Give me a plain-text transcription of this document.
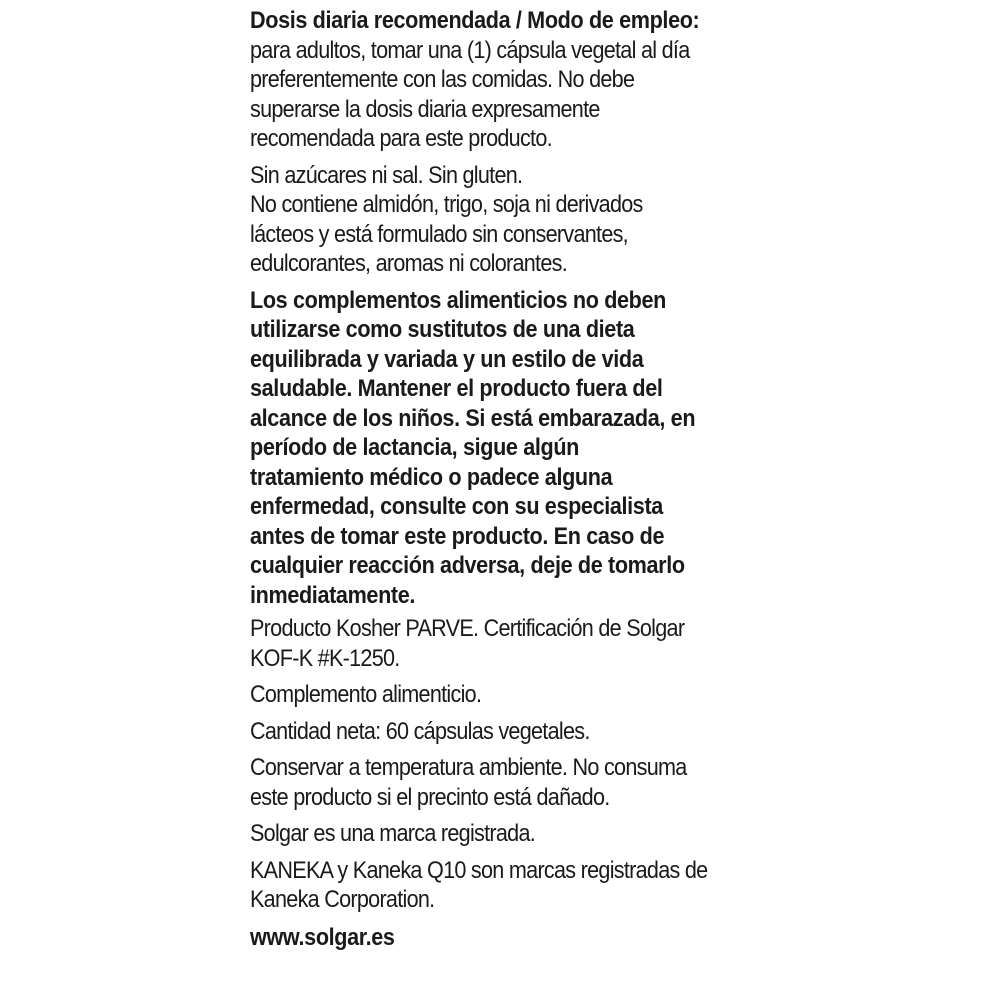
Dosis diaria recomendada / Modo de empleo:
para adultos, tomar una (1) cápsula vegetal al día
preferentemente con las comidas. No debe
superarse la dosis diaria expresamente
recomendada para este producto.
Sin azúcares ni sal. Sin gluten.
No contiene almidón, trigo, soja ni derivados
lácteos y está formulado sin conservantes,
edulcorantes, aromas ni colorantes.
Los complementos alimenticios no deben
utilizarse como sustitutos de una dieta
equilibrada y variada y un estilo de vida
saludable. Mantener el producto fuera del
alcance de los niños. Si está embarazada, en
período de lactancia, sigue algún
tratamiento médico o padece alguna
enfermedad, consulte con su especialista
antes de tomar este producto. En caso de
cualquier reacción adversa, deje de tomarlo
inmediatamente.
Producto Kosher PARVE. Certificación de Solgar
KOF-K #K-1250.
Complemento alimenticio.
Cantidad neta: 60 cápsulas vegetales.
Conservar a temperatura ambiente. No consuma
este producto si el precinto está dañado.
Solgar es una marca registrada.
KANEKA y Kaneka Q10 son marcas registradas de
Kaneka Corporation.
www.solgar.es
